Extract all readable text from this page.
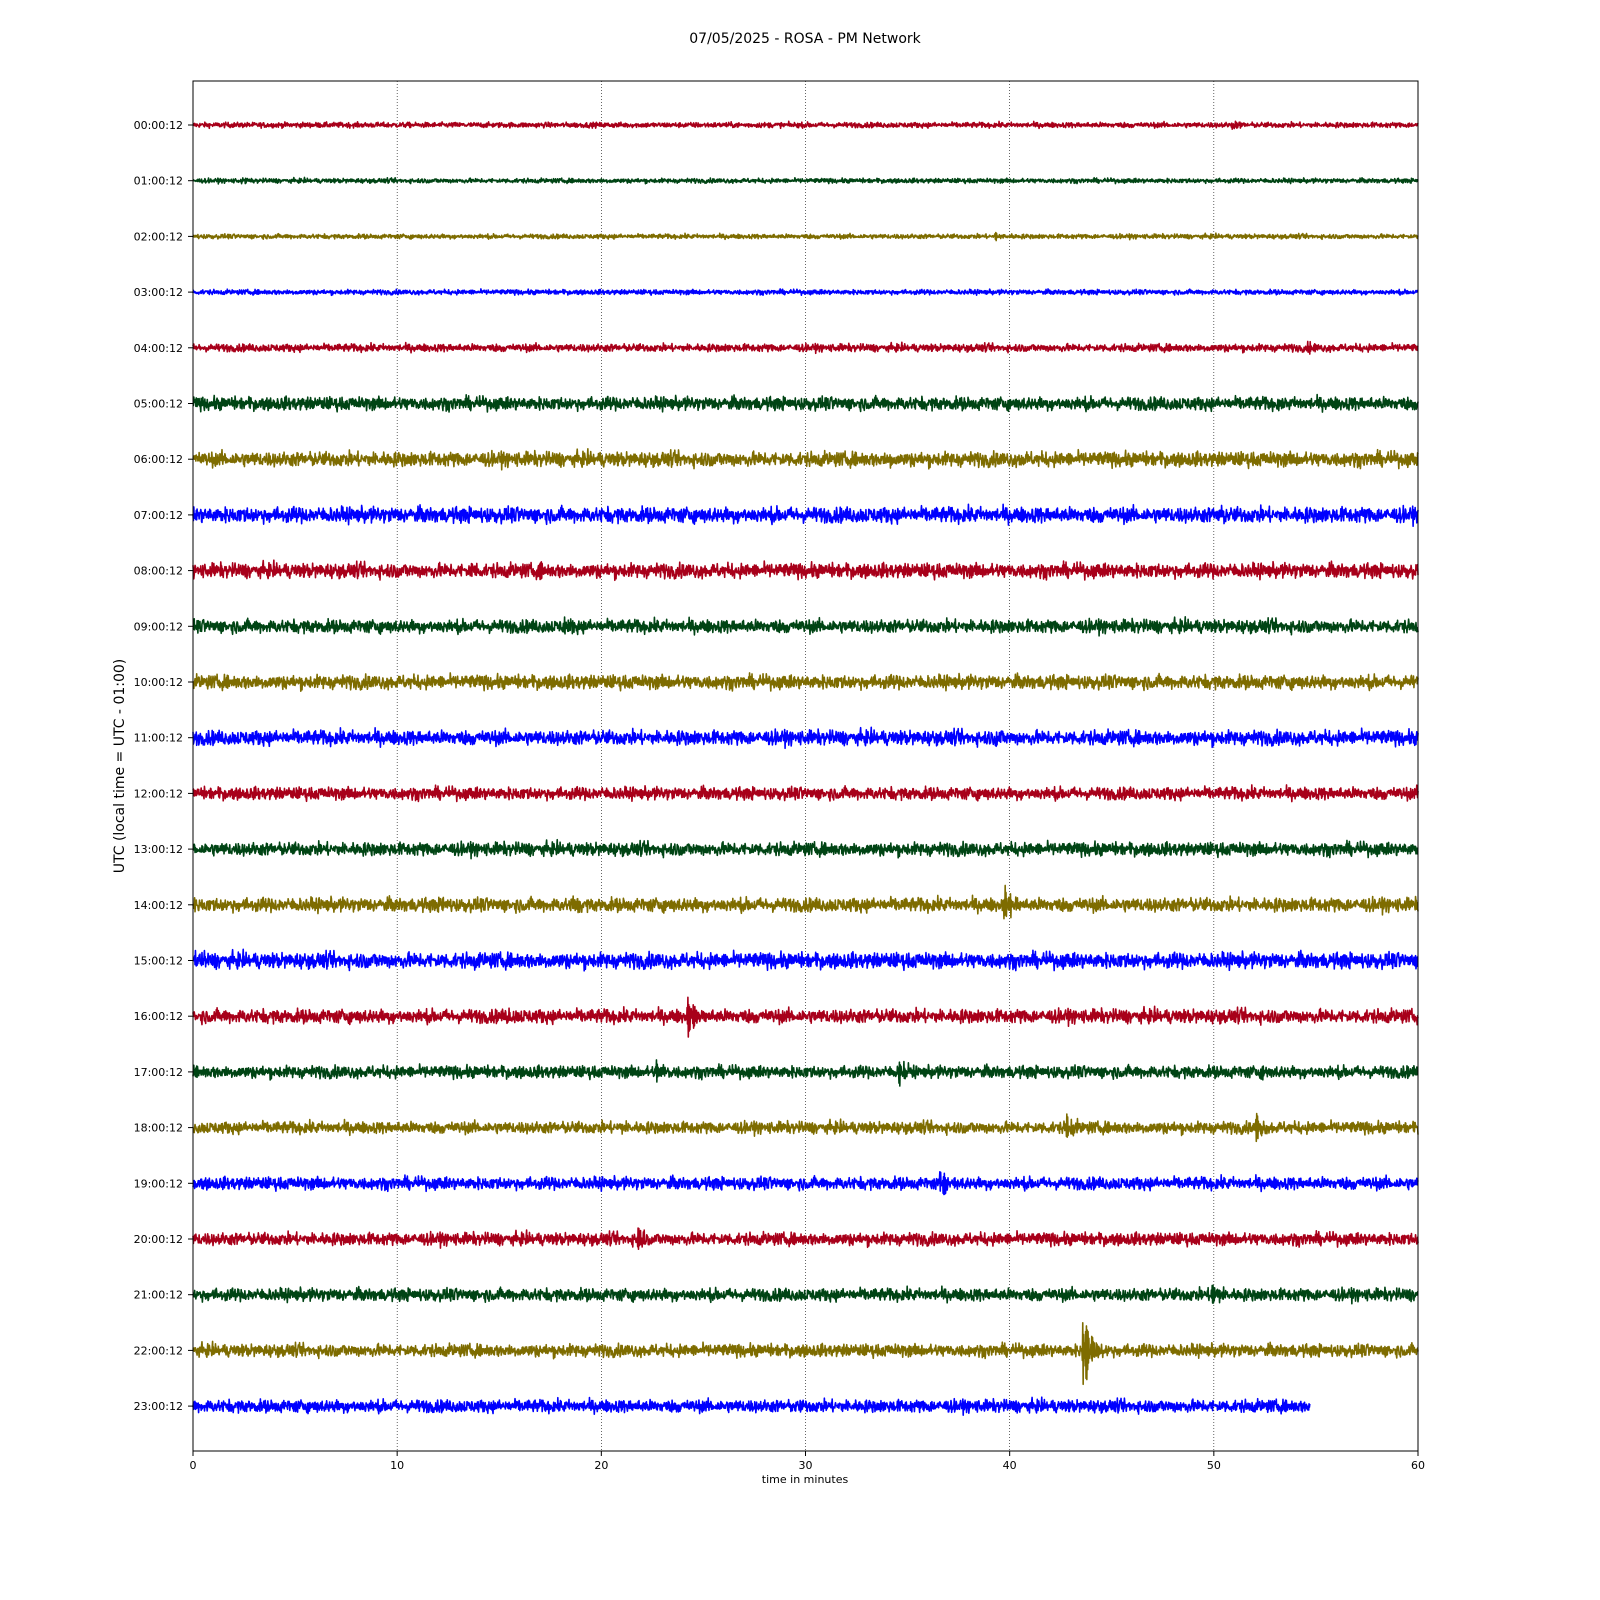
07/05/2025 - ROSA - PM Network
00:00:12
01:00:12
02:00:12
03:00:12
04:00:12
05:00:12
06:00:12
07:00:12
08:00:12
09:00:12
10:00:12
11:00:12
12:00:12
13:00:12
14:00:12
15:00:12
16:00:12
17:00:12
18:00:12
19:00:12
20:00:12
21:00:12
22:00:12
23:00:12
0	10	20	30	40	50	60
time in minutes
UTC (local time = UTC - 01:00)
